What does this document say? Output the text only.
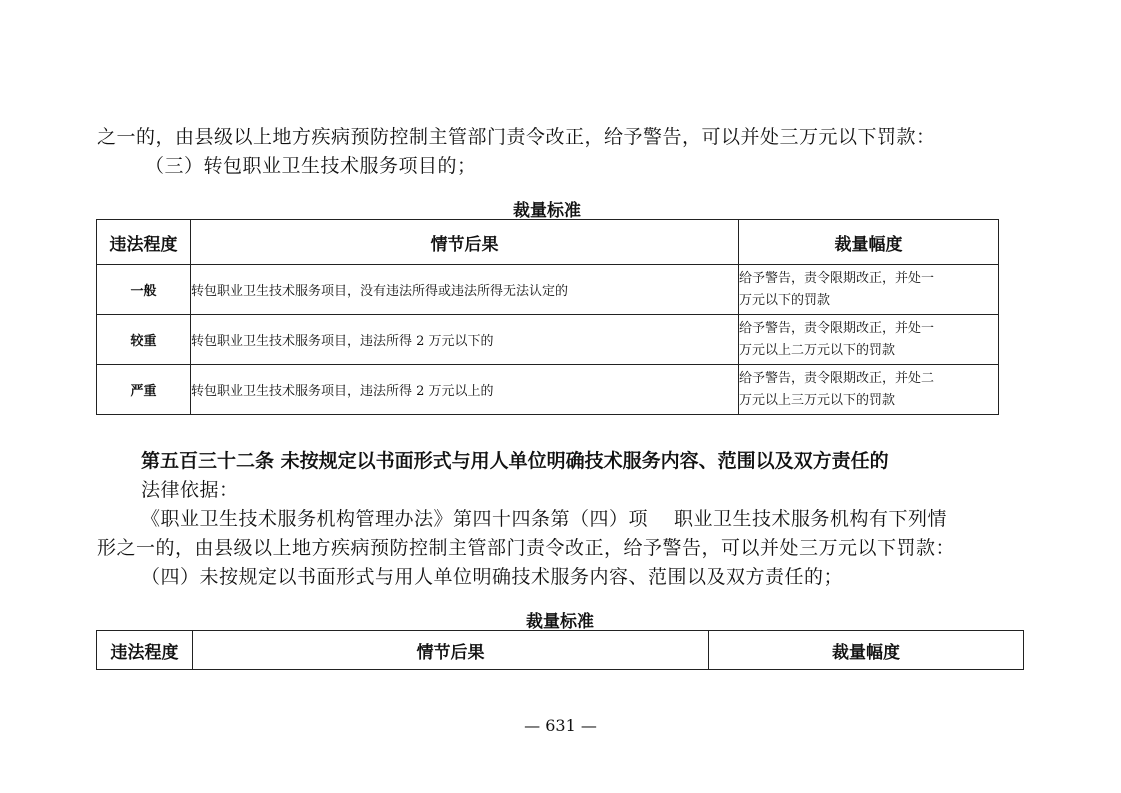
之一的，由县级以上地方疾病预防控制主管部门责令改正，给予警告，可以并处三万元以下罚款：
（三）转包职业卫生技术服务项目的；
裁量标准
违法程度	情节后果	裁量幅度
一般	转包职业卫生技术服务项目，没有违法所得或违法所得无法认定的	给予警告，责令限期改正，并处一
万元以下的罚款

较重	转包职业卫生技术服务项目，违法所得 2 万元以下的	给予警告，责令限期改正，并处一
万元以上二万元以下的罚款

严重	转包职业卫生技术服务项目，违法所得 2 万元以上的	给予警告，责令限期改正，并处二
万元以上三万元以下的罚款
第五百三十二条 未按规定以书面形式与用人单位明确技术服务内容、范围以及双方责任的
法律依据：
《职业卫生技术服务机构管理办法》第四十四条第（四）项　 职业卫生技术服务机构有下列情
形之一的，由县级以上地方疾病预防控制主管部门责令改正，给予警告，可以并处三万元以下罚款：
（四）未按规定以书面形式与用人单位明确技术服务内容、范围以及双方责任的；
裁量标准
违法程度	情节后果	裁量幅度
— 631 —
